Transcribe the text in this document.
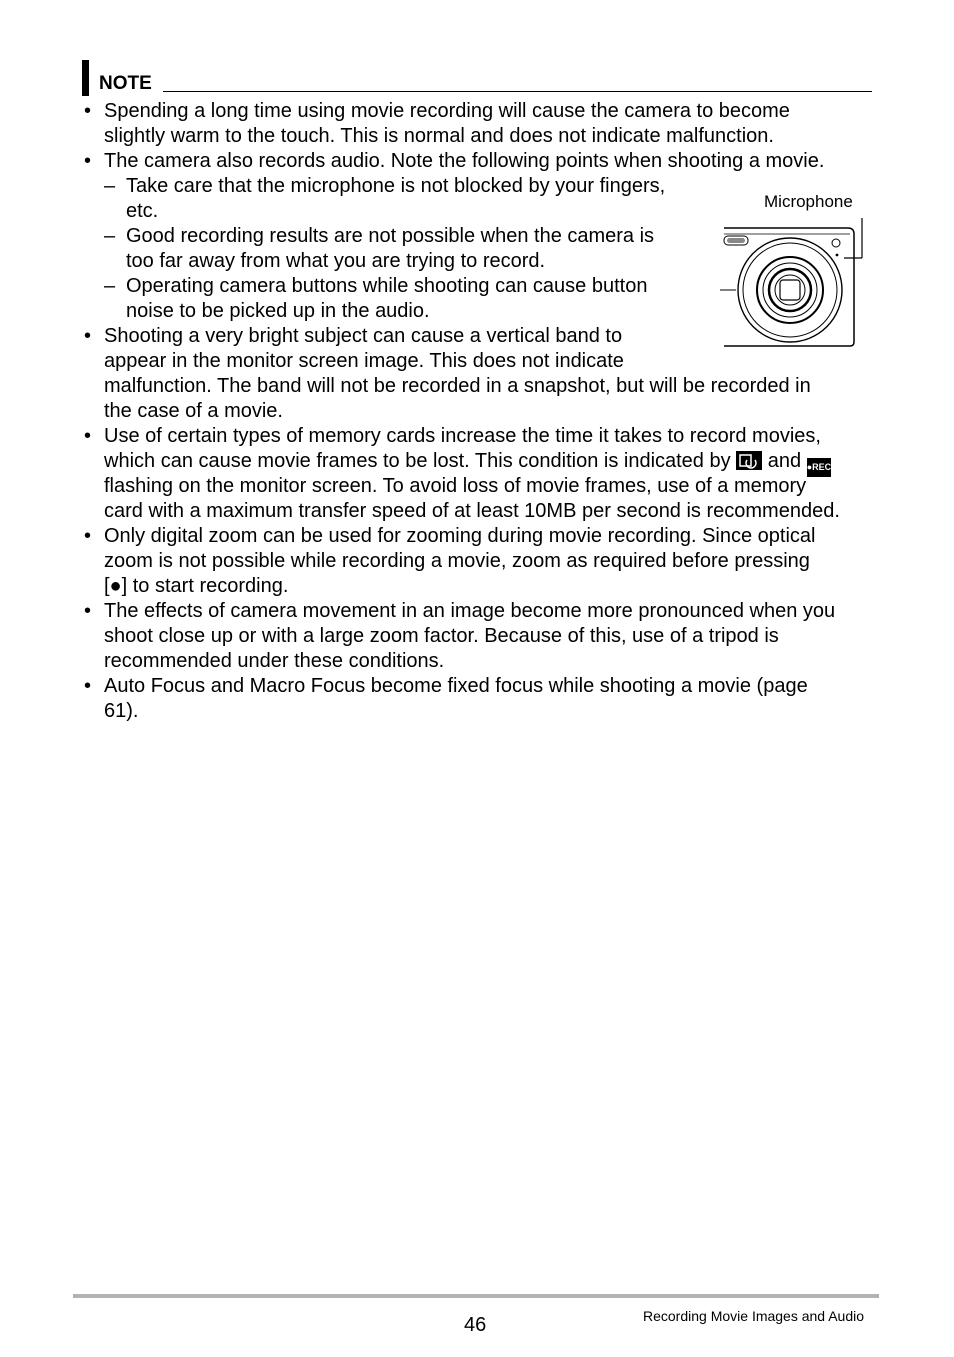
NOTE
• Spending a long time using movie recording will cause the camera to become
slightly warm to the touch. This is normal and does not indicate malfunction.
• The camera also records audio. Note the following points when shooting a movie.
– Take care that the microphone is not blocked by your fingers,
etc.
– Good recording results are not possible when the camera is
too far away from what you are trying to record.
– Operating camera buttons while shooting can cause button
noise to be picked up in the audio.
• Shooting a very bright subject can cause a vertical band to
appear in the monitor screen image. This does not indicate
malfunction. The band will not be recorded in a snapshot, but will be recorded in
the case of a movie.
• Use of certain types of memory cards increase the time it takes to record movies,
which can cause movie frames to be lost. This condition is indicated by and ●REC
flashing on the monitor screen. To avoid loss of movie frames, use of a memory
card with a maximum transfer speed of at least 10MB per second is recommended.
• Only digital zoom can be used for zooming during movie recording. Since optical
zoom is not possible while recording a movie, zoom as required before pressing
[●] to start recording.
• The effects of camera movement in an image become more pronounced when you
shoot close up or with a large zoom factor. Because of this, use of a tripod is
recommended under these conditions.
• Auto Focus and Macro Focus become fixed focus while shooting a movie (page
61).
Microphone
46	Recording Movie Images and Audio
